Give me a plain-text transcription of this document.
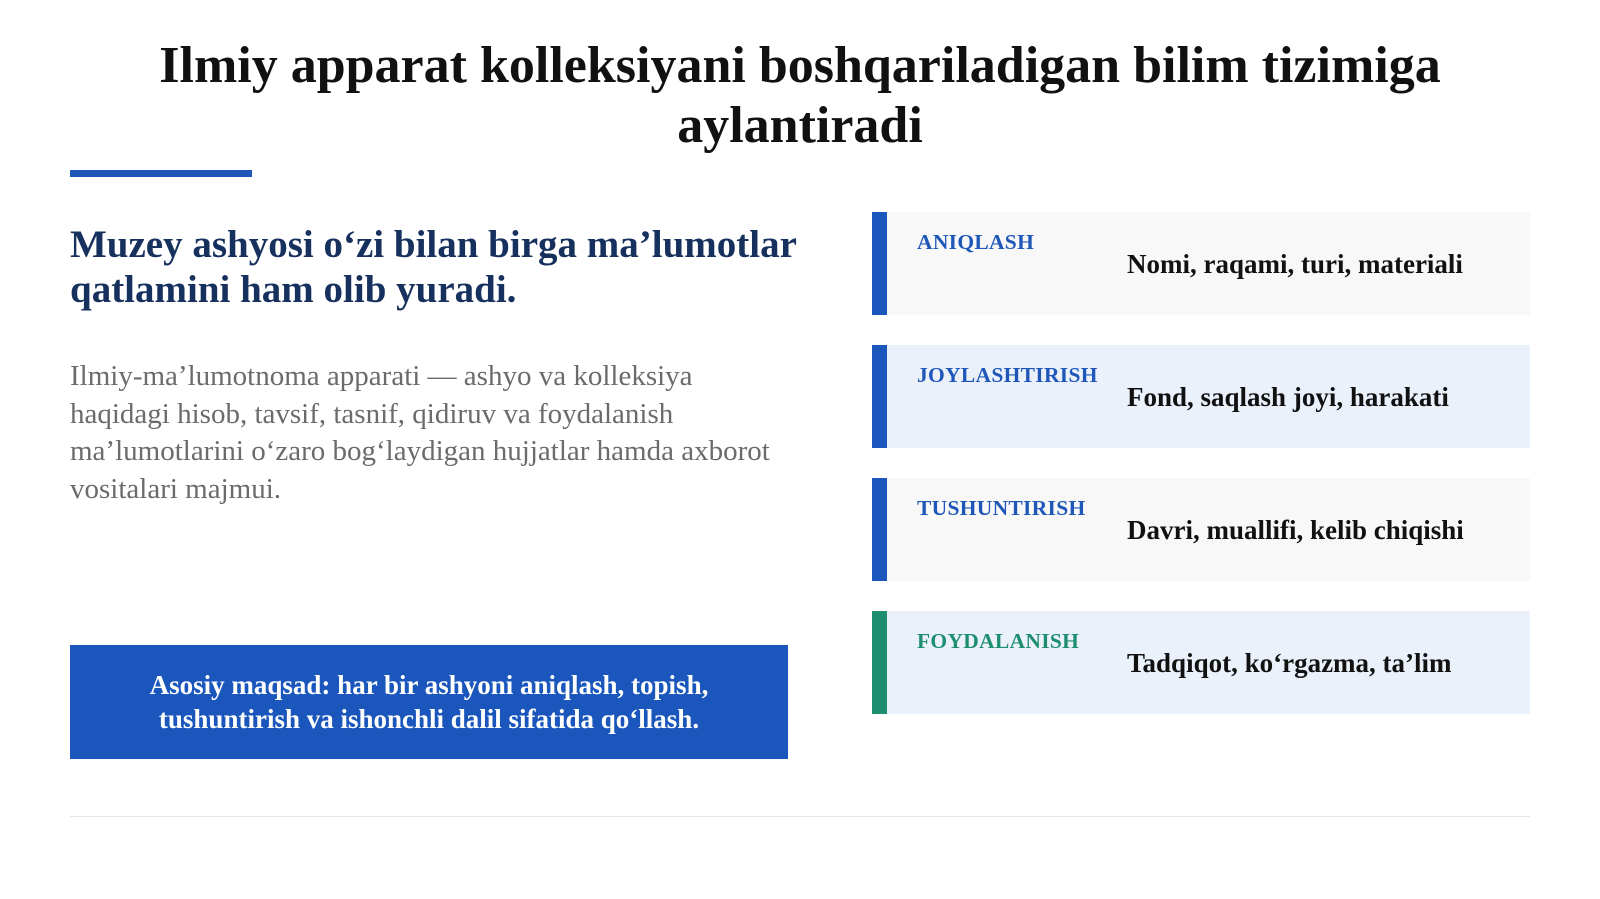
Ilmiy apparat kolleksiyani boshqariladigan bilim tizimiga aylantiradi
Muzey ashyosi o‘zi bilan birga ma’lumotlar qatlamini ham olib yuradi.

Ilmiy-ma’lumotnoma apparati — ashyo va kolleksiya haqidagi hisob, tavsif, tasnif, qidiruv va foydalanish ma’lumotlarini o‘zaro bog‘laydigan hujjatlar hamda axborot vositalari majmui.

Asosiy maqsad: har bir ashyoni aniqlash, topish, tushuntirish va ishonchli dalil sifatida qo‘llash.
ANIQLASH
Nomi, raqami, turi, materiali
JOYLASHTIRISH
Fond, saqlash joyi, harakati
TUSHUNTIRISH
Davri, muallifi, kelib chiqishi
FOYDALANISH
Tadqiqot, ko‘rgazma, ta’lim
